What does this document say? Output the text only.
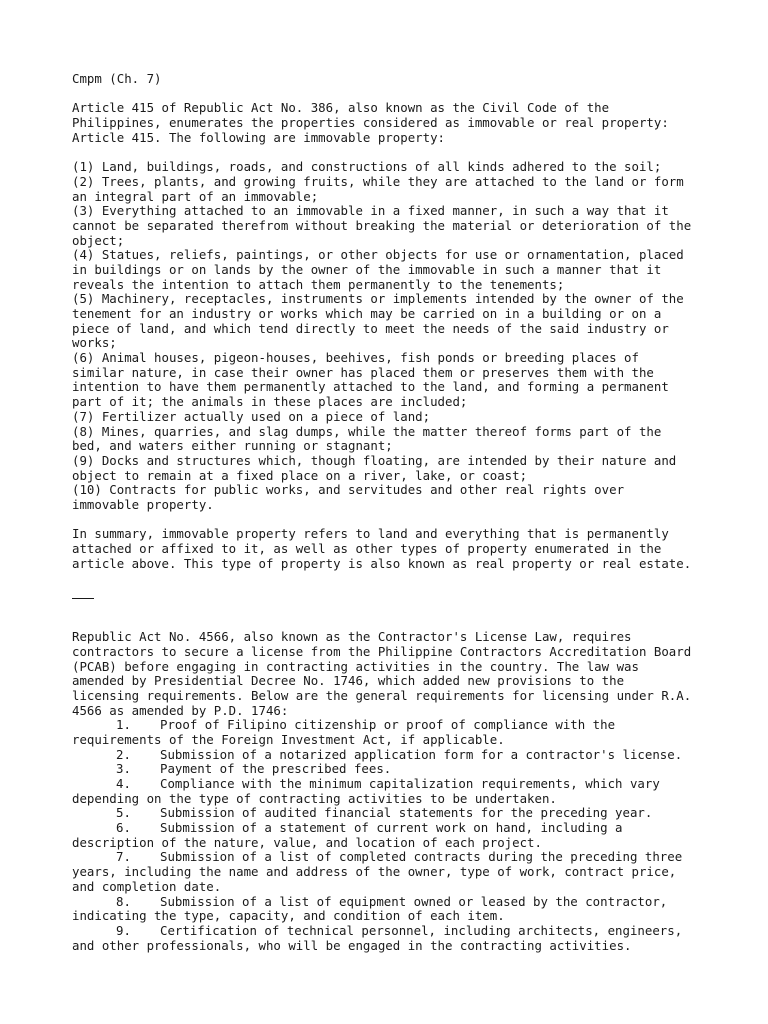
Cmpm (Ch. 7)
Article 415 of Republic Act No. 386, also known as the Civil Code of the
Philippines, enumerates the properties considered as immovable or real property:
Article 415. The following are immovable property:
(1) Land, buildings, roads, and constructions of all kinds adhered to the soil;
(2) Trees, plants, and growing fruits, while they are attached to the land or form
an integral part of an immovable;
(3) Everything attached to an immovable in a fixed manner, in such a way that it
cannot be separated therefrom without breaking the material or deterioration of the
object;
(4) Statues, reliefs, paintings, or other objects for use or ornamentation, placed
in buildings or on lands by the owner of the immovable in such a manner that it
reveals the intention to attach them permanently to the tenements;
(5) Machinery, receptacles, instruments or implements intended by the owner of the
tenement for an industry or works which may be carried on in a building or on a
piece of land, and which tend directly to meet the needs of the said industry or
works;
(6) Animal houses, pigeon-houses, beehives, fish ponds or breeding places of
similar nature, in case their owner has placed them or preserves them with the
intention to have them permanently attached to the land, and forming a permanent
part of it; the animals in these places are included;
(7) Fertilizer actually used on a piece of land;
(8) Mines, quarries, and slag dumps, while the matter thereof forms part of the
bed, and waters either running or stagnant;
(9) Docks and structures which, though floating, are intended by their nature and
object to remain at a fixed place on a river, lake, or coast;
(10) Contracts for public works, and servitudes and other real rights over
immovable property.
In summary, immovable property refers to land and everything that is permanently
attached or affixed to it, as well as other types of property enumerated in the
article above. This type of property is also known as real property or real estate.
Republic Act No. 4566, also known as the Contractor's License Law, requires
contractors to secure a license from the Philippine Contractors Accreditation Board
(PCAB) before engaging in contracting activities in the country. The law was
amended by Presidential Decree No. 1746, which added new provisions to the
licensing requirements. Below are the general requirements for licensing under R.A.
4566 as amended by P.D. 1746:
1. Proof of Filipino citizenship or proof of compliance with the
requirements of the Foreign Investment Act, if applicable.
2. Submission of a notarized application form for a contractor's license.
3. Payment of the prescribed fees.
4. Compliance with the minimum capitalization requirements, which vary
depending on the type of contracting activities to be undertaken.
5. Submission of audited financial statements for the preceding year.
6. Submission of a statement of current work on hand, including a
description of the nature, value, and location of each project.
7. Submission of a list of completed contracts during the preceding three
years, including the name and address of the owner, type of work, contract price,
and completion date.
8. Submission of a list of equipment owned or leased by the contractor,
indicating the type, capacity, and condition of each item.
9. Certification of technical personnel, including architects, engineers,
and other professionals, who will be engaged in the contracting activities.
